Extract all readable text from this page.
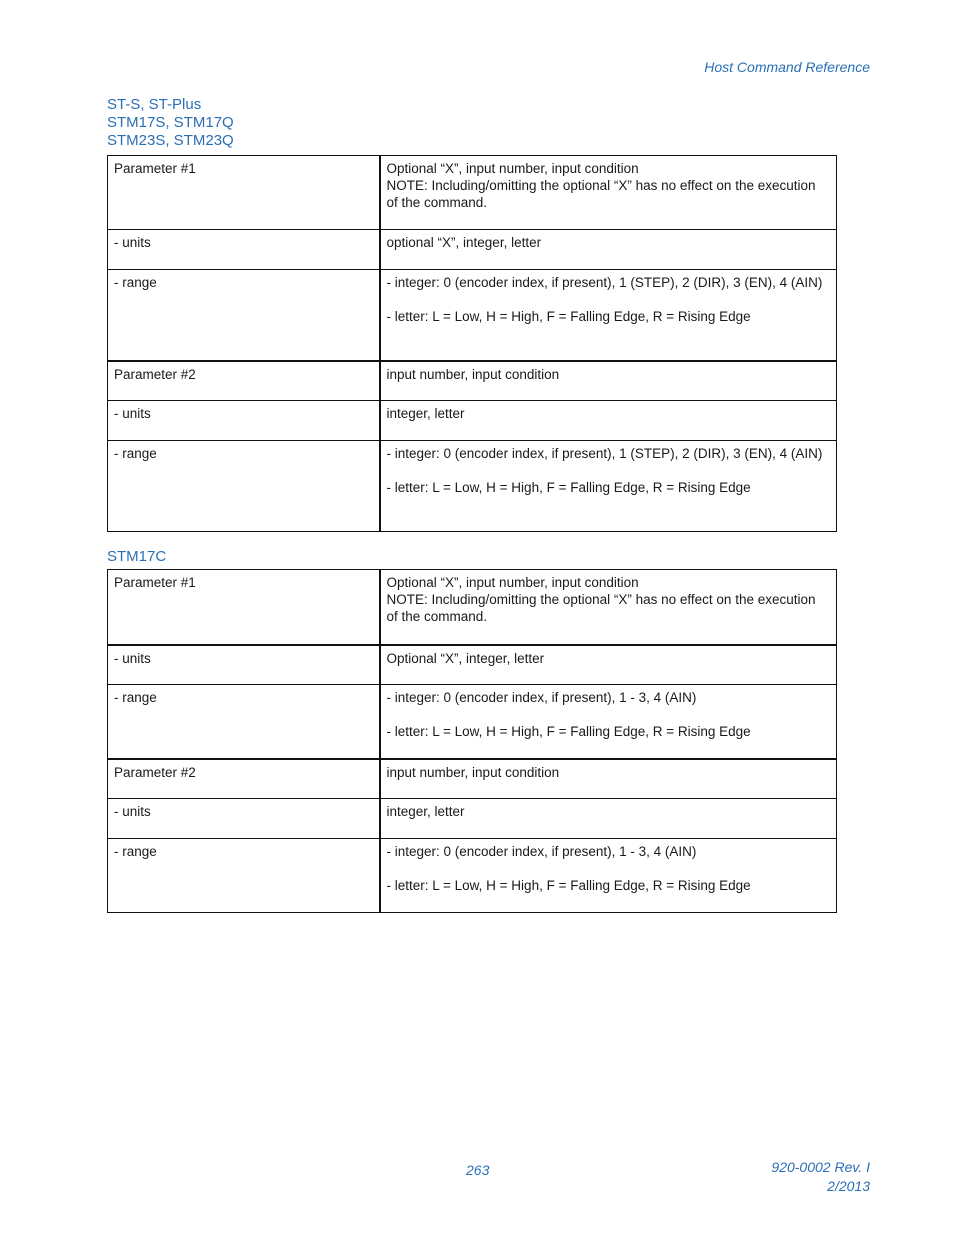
Host Command Reference
ST-S, ST-Plus
STM17S, STM17Q
STM23S, STM23Q
Parameter #1	Optional “X”, input number, input condition
NOTE: Including/omitting the optional “X” has no effect on the execution of the command.

- units	optional “X”, integer, letter

- range	- integer: 0 (encoder index, if present), 1 (STEP), 2 (DIR), 3 (EN), 4 (AIN)
- letter: L = Low, H = High, F = Falling Edge, R = Rising Edge

Parameter #2	input number, input condition

- units	integer, letter

- range	- integer: 0 (encoder index, if present), 1 (STEP), 2 (DIR), 3 (EN), 4 (AIN)
- letter: L = Low, H = High, F = Falling Edge, R = Rising Edge
STM17C
Parameter #1	Optional “X”, input number, input condition
NOTE: Including/omitting the optional “X” has no effect on the execution of the command.

- units	Optional “X”, integer, letter

- range	- integer: 0 (encoder index, if present), 1 - 3, 4 (AIN)
- letter: L = Low, H = High, F = Falling Edge, R = Rising Edge

Parameter #2	input number, input condition

- units	integer, letter

- range	- integer: 0 (encoder index, if present), 1 - 3, 4 (AIN)
- letter: L = Low, H = High, F = Falling Edge, R = Rising Edge
263	920-0002 Rev. I
2/2013
